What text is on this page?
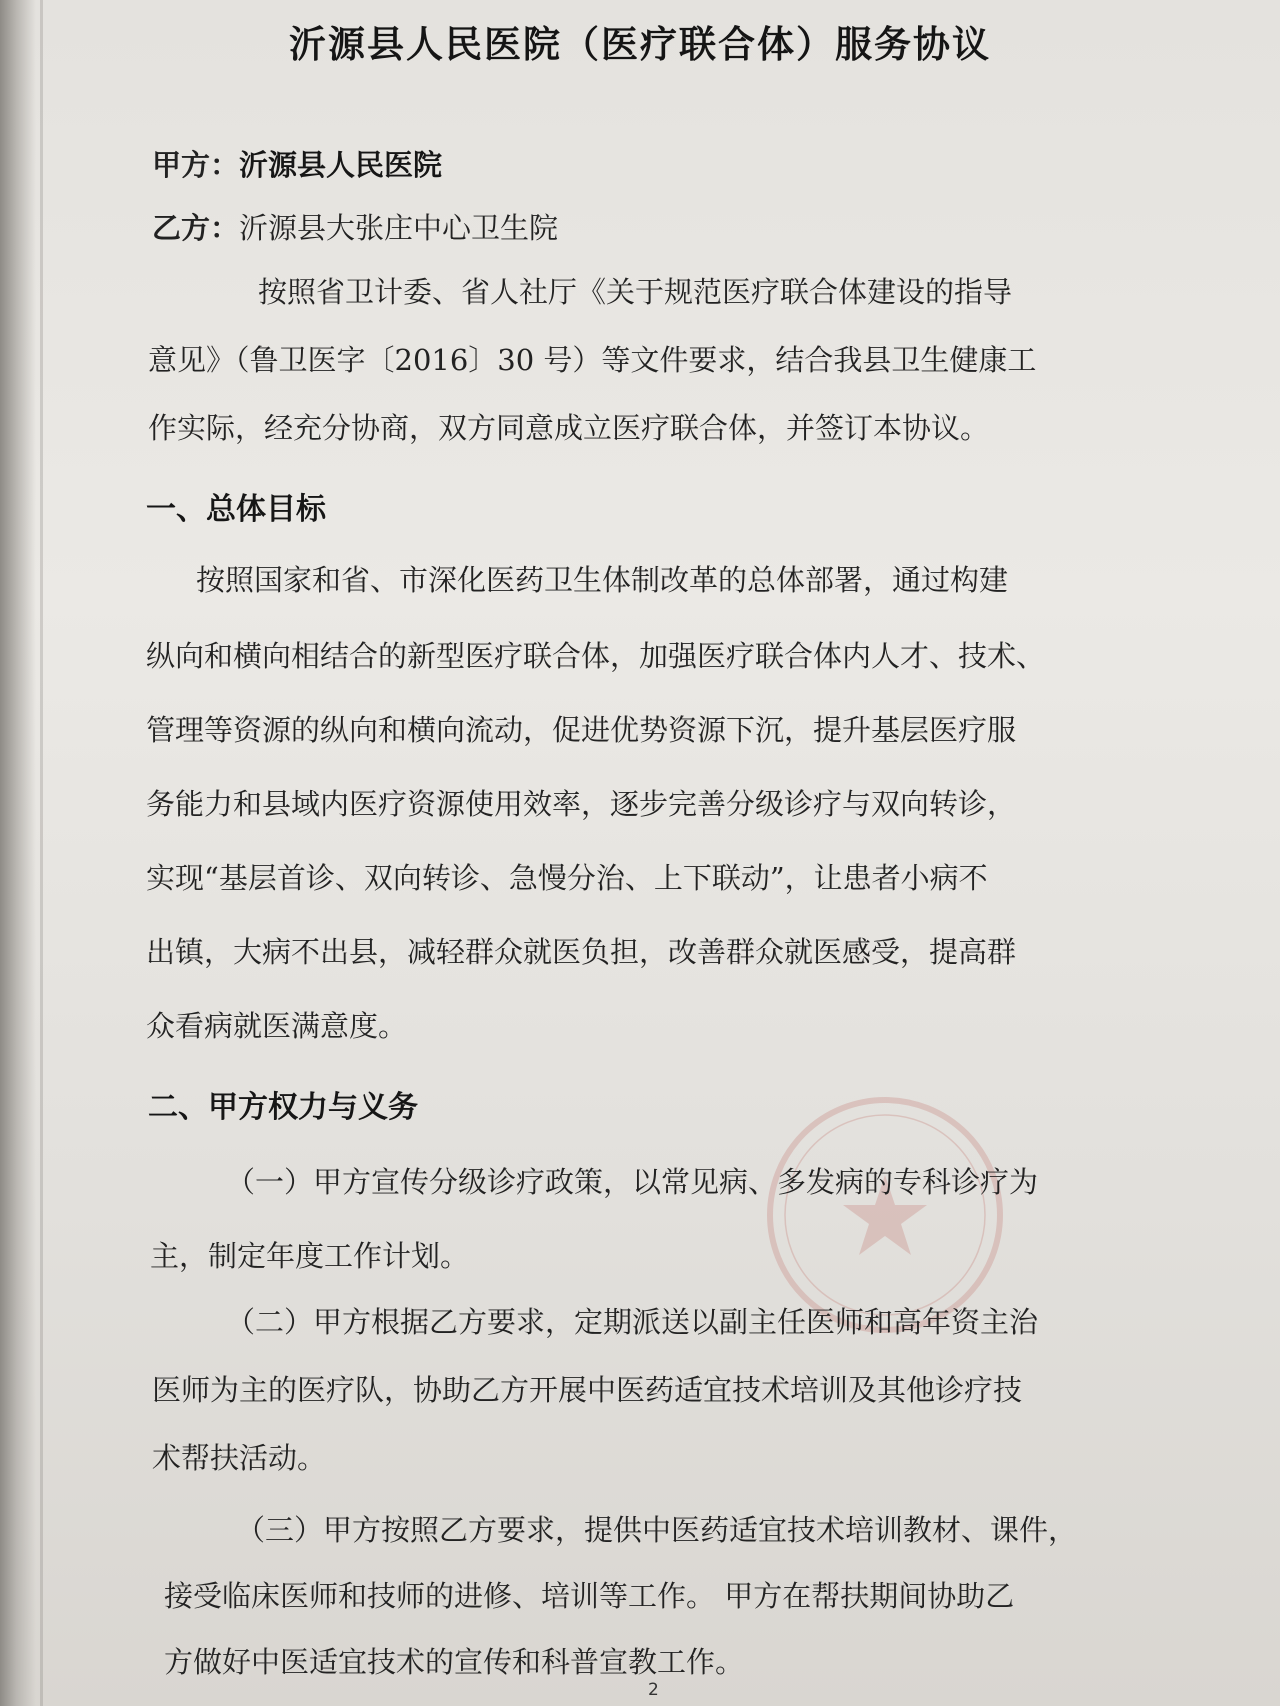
沂源县人民医院（医疗联合体）服务协议
甲方：沂源县人民医院
乙方：沂源县大张庄中心卫生院
按照省卫计委、省人社厅《关于规范医疗联合体建设的指导
意见》（鲁卫医字〔2016〕30 号）等文件要求，结合我县卫生健康工
作实际，经充分协商，双方同意成立医疗联合体，并签订本协议。
一、总体目标
按照国家和省、市深化医药卫生体制改革的总体部署，通过构建
纵向和横向相结合的新型医疗联合体，加强医疗联合体内人才、技术、
管理等资源的纵向和横向流动，促进优势资源下沉，提升基层医疗服
务能力和县域内医疗资源使用效率，逐步完善分级诊疗与双向转诊，
实现“基层首诊、双向转诊、急慢分治、上下联动”，让患者小病不
出镇，大病不出县，减轻群众就医负担，改善群众就医感受，提高群
众看病就医满意度。
二、甲方权力与义务
（一）甲方宣传分级诊疗政策，以常见病、多发病的专科诊疗为
主，制定年度工作计划。
（二）甲方根据乙方要求，定期派送以副主任医师和高年资主治
医师为主的医疗队，协助乙方开展中医药适宜技术培训及其他诊疗技
术帮扶活动。
（三）甲方按照乙方要求，提供中医药适宜技术培训教材、课件，
接受临床医师和技师的进修、培训等工作。 甲方在帮扶期间协助乙
方做好中医适宜技术的宣传和科普宣教工作。
2
